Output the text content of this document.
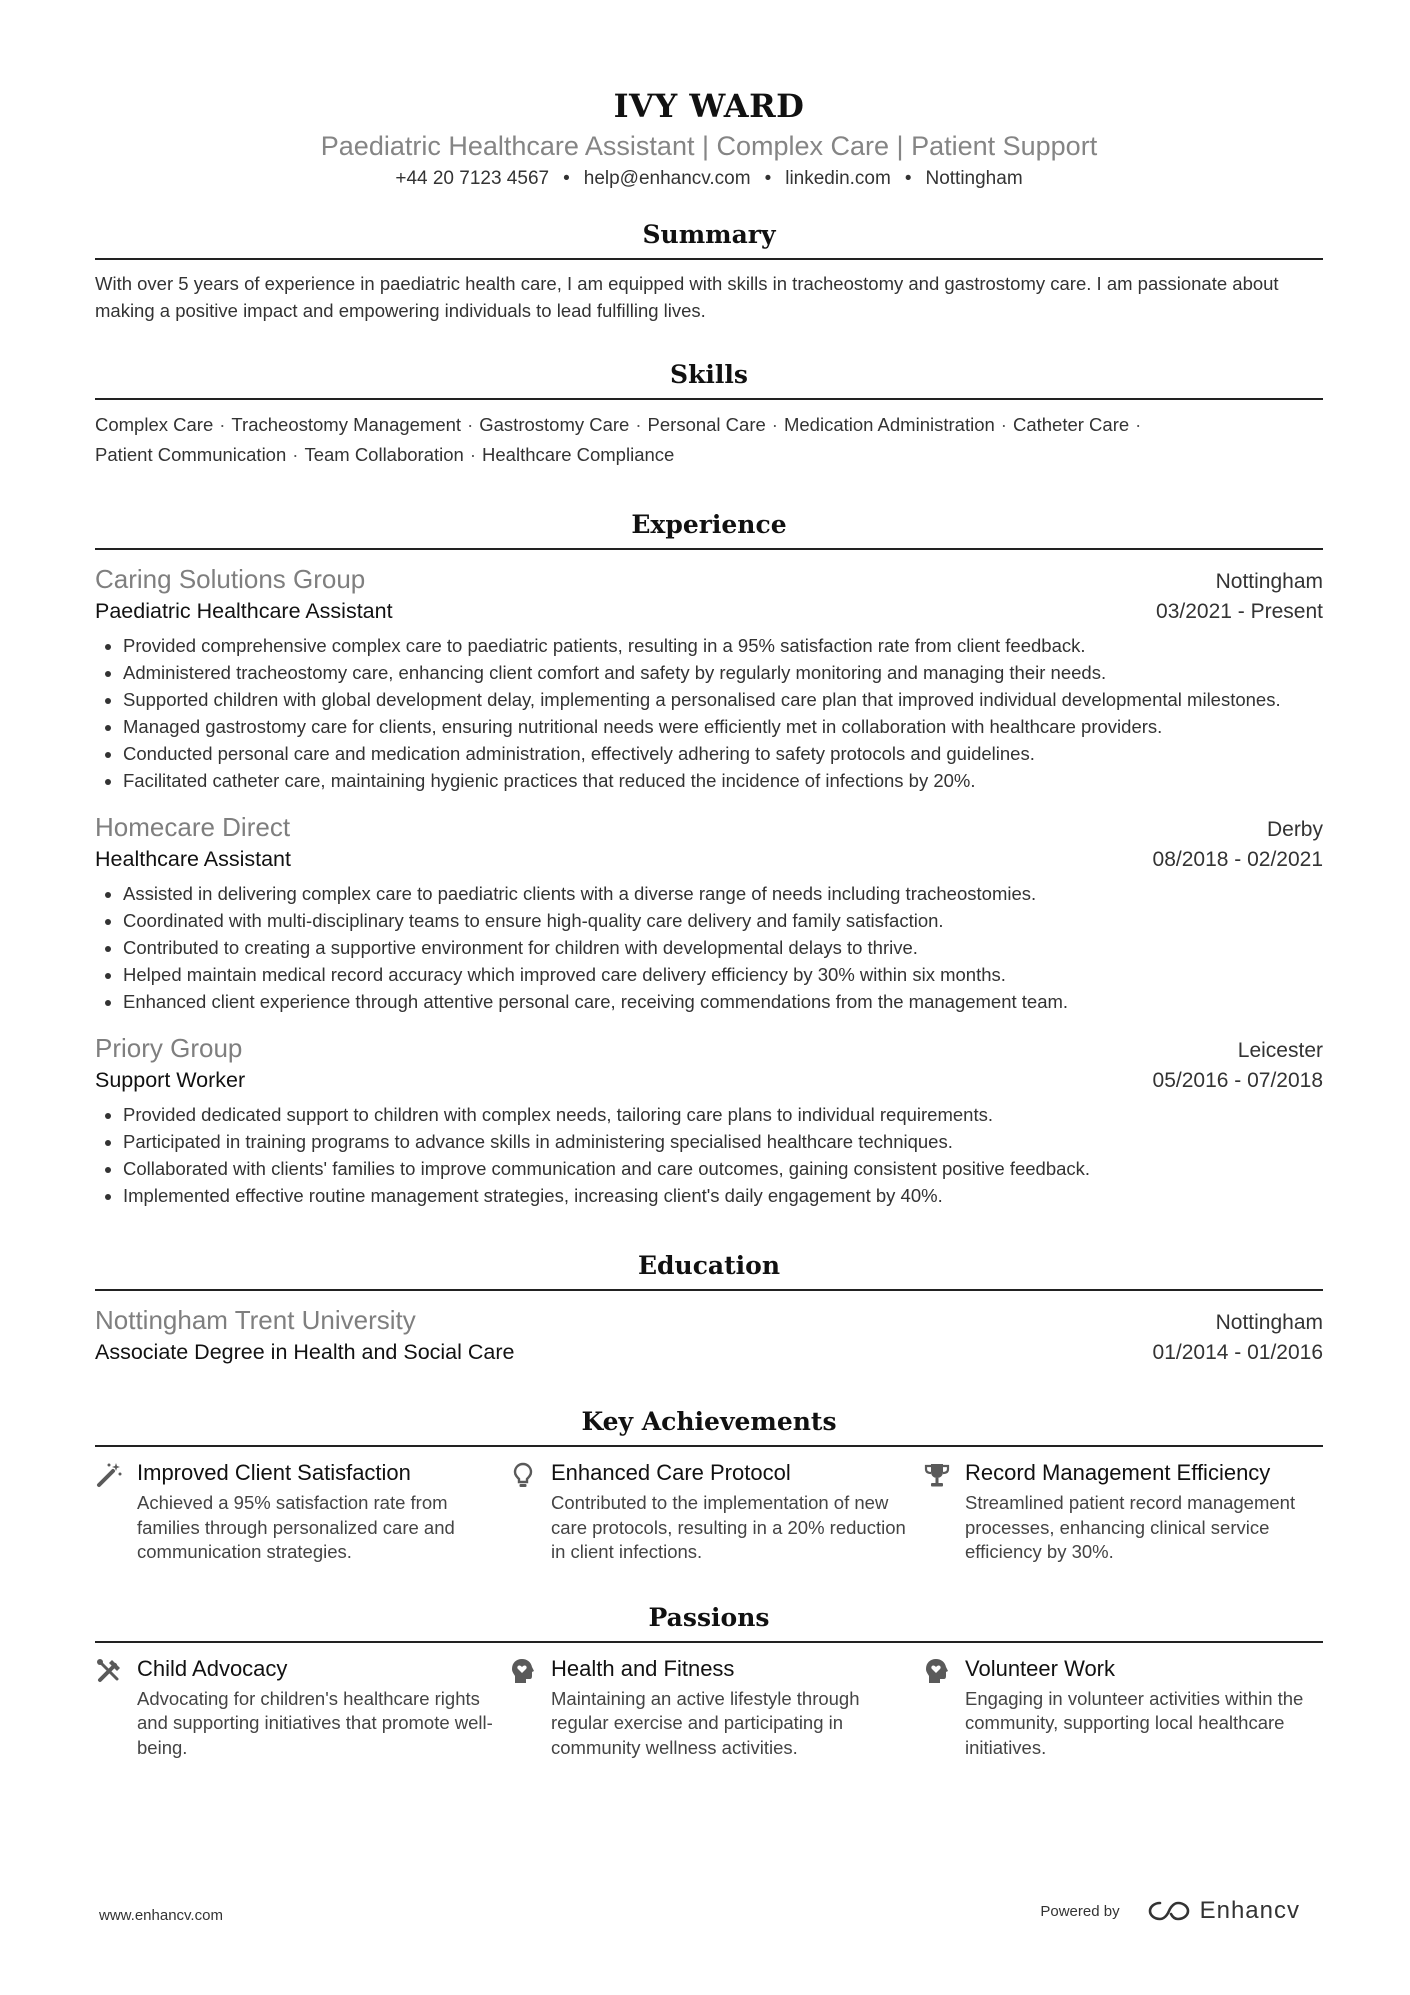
IVY WARD
Paediatric Healthcare Assistant | Complex Care | Patient Support
+44 20 7123 4567 • help@enhancv.com • linkedin.com • Nottingham
Summary
With over 5 years of experience in paediatric health care, I am equipped with skills in tracheostomy and gastrostomy care. I am passionate about making a positive impact and empowering individuals to lead fulfilling lives.
Skills
Complex Care · Tracheostomy Management · Gastrostomy Care · Personal Care · Medication Administration · Catheter Care ·
Patient Communication · Team Collaboration · Healthcare Compliance
Experience
Caring Solutions Group	Nottingham
Paediatric Healthcare Assistant	03/2021 - Present
• Provided comprehensive complex care to paediatric patients, resulting in a 95% satisfaction rate from client feedback.
• Administered tracheostomy care, enhancing client comfort and safety by regularly monitoring and managing their needs.
• Supported children with global development delay, implementing a personalised care plan that improved individual developmental milestones.
• Managed gastrostomy care for clients, ensuring nutritional needs were efficiently met in collaboration with healthcare providers.
• Conducted personal care and medication administration, effectively adhering to safety protocols and guidelines.
• Facilitated catheter care, maintaining hygienic practices that reduced the incidence of infections by 20%.
Homecare Direct	Derby
Healthcare Assistant	08/2018 - 02/2021
• Assisted in delivering complex care to paediatric clients with a diverse range of needs including tracheostomies.
• Coordinated with multi-disciplinary teams to ensure high-quality care delivery and family satisfaction.
• Contributed to creating a supportive environment for children with developmental delays to thrive.
• Helped maintain medical record accuracy which improved care delivery efficiency by 30% within six months.
• Enhanced client experience through attentive personal care, receiving commendations from the management team.
Priory Group	Leicester
Support Worker	05/2016 - 07/2018
• Provided dedicated support to children with complex needs, tailoring care plans to individual requirements.
• Participated in training programs to advance skills in administering specialised healthcare techniques.
• Collaborated with clients' families to improve communication and care outcomes, gaining consistent positive feedback.
• Implemented effective routine management strategies, increasing client's daily engagement by 40%.
Education
Nottingham Trent University	Nottingham
Associate Degree in Health and Social Care	01/2014 - 01/2016
Key Achievements
Improved Client Satisfaction
Achieved a 95% satisfaction rate from families through personalized care and communication strategies.
Enhanced Care Protocol
Contributed to the implementation of new care protocols, resulting in a 20% reduction in client infections.
Record Management Efficiency
Streamlined patient record management processes, enhancing clinical service efficiency by 30%.
Passions
Child Advocacy
Advocating for children's healthcare rights and supporting initiatives that promote well-being.
Health and Fitness
Maintaining an active lifestyle through regular exercise and participating in community wellness activities.
Volunteer Work
Engaging in volunteer activities within the community, supporting local healthcare initiatives.
www.enhancv.com	Powered by	Enhancv
